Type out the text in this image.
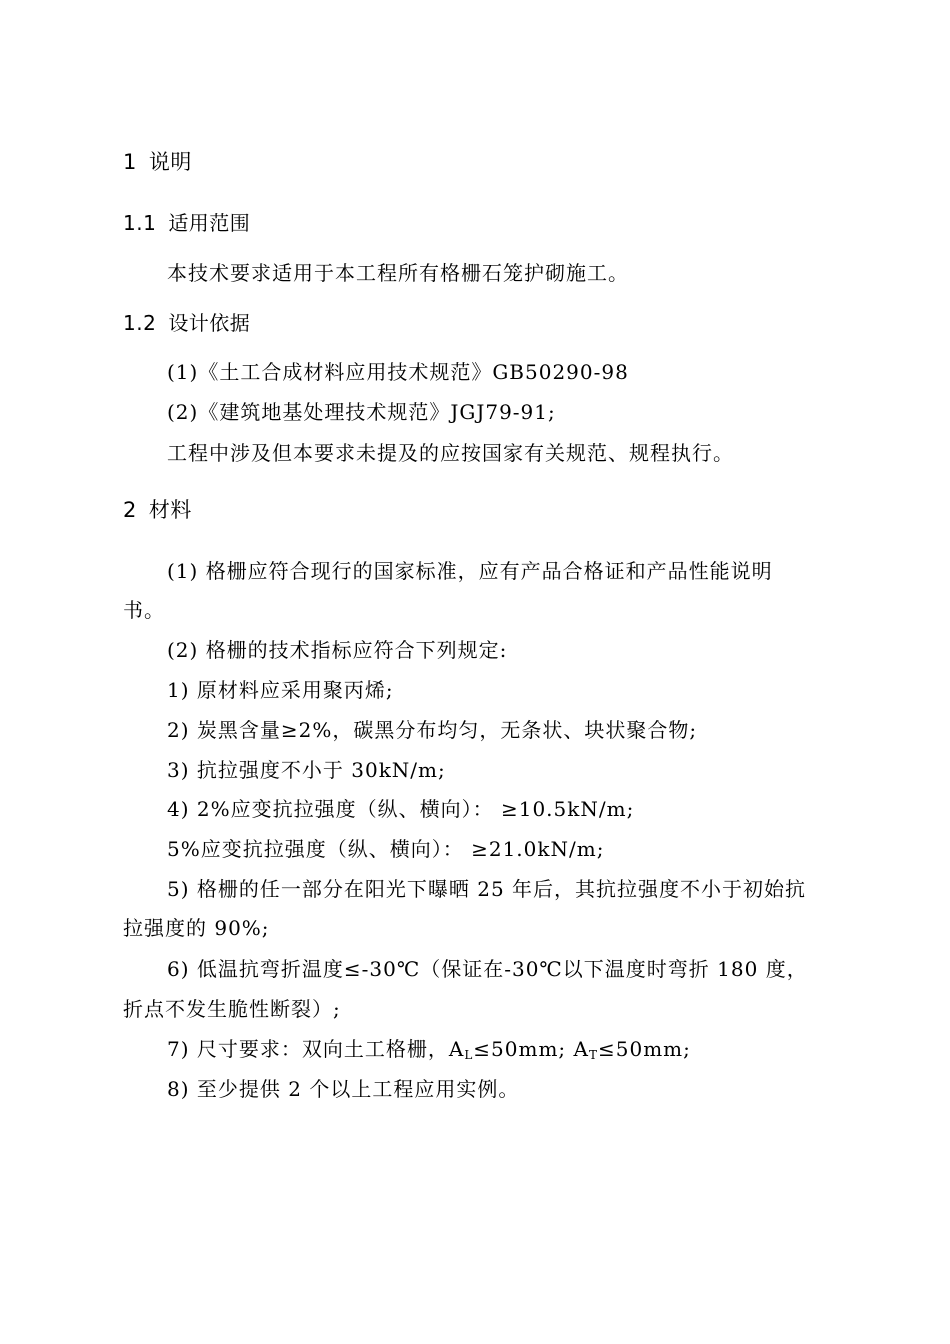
1 说明
1.1 适用范围
本技术要求适用于本工程所有格栅石笼护砌施工。
1.2 设计依据
(1)《土工合成材料应用技术规范》GB50290-98
(2)《建筑地基处理技术规范》JGJ79-91;
工程中涉及但本要求未提及的应按国家有关规范、规程执行。
2 材料
(1) 格栅应符合现行的国家标准，应有产品合格证和产品性能说明
书。
(2) 格栅的技术指标应符合下列规定:
1) 原材料应采用聚丙烯;
2) 炭黑含量≥2%，碳黑分布均匀，无条状、块状聚合物;
3) 抗拉强度不小于 30kN/m;
4) 2%应变抗拉强度（纵、横向）： ≥10.5kN/m;
5%应变抗拉强度（纵、横向）： ≥21.0kN/m;
5) 格栅的任一部分在阳光下曝晒 25 年后，其抗拉强度不小于初始抗
拉强度的 90%;
6) 低温抗弯折温度≤-30℃（保证在-30℃以下温度时弯折 180 度，
折点不发生脆性断裂）;
7) 尺寸要求：双向土工格栅，$A_L\le 50mm$; $A_T\le 50mm$;
8) 至少提供 2 个以上工程应用实例。
